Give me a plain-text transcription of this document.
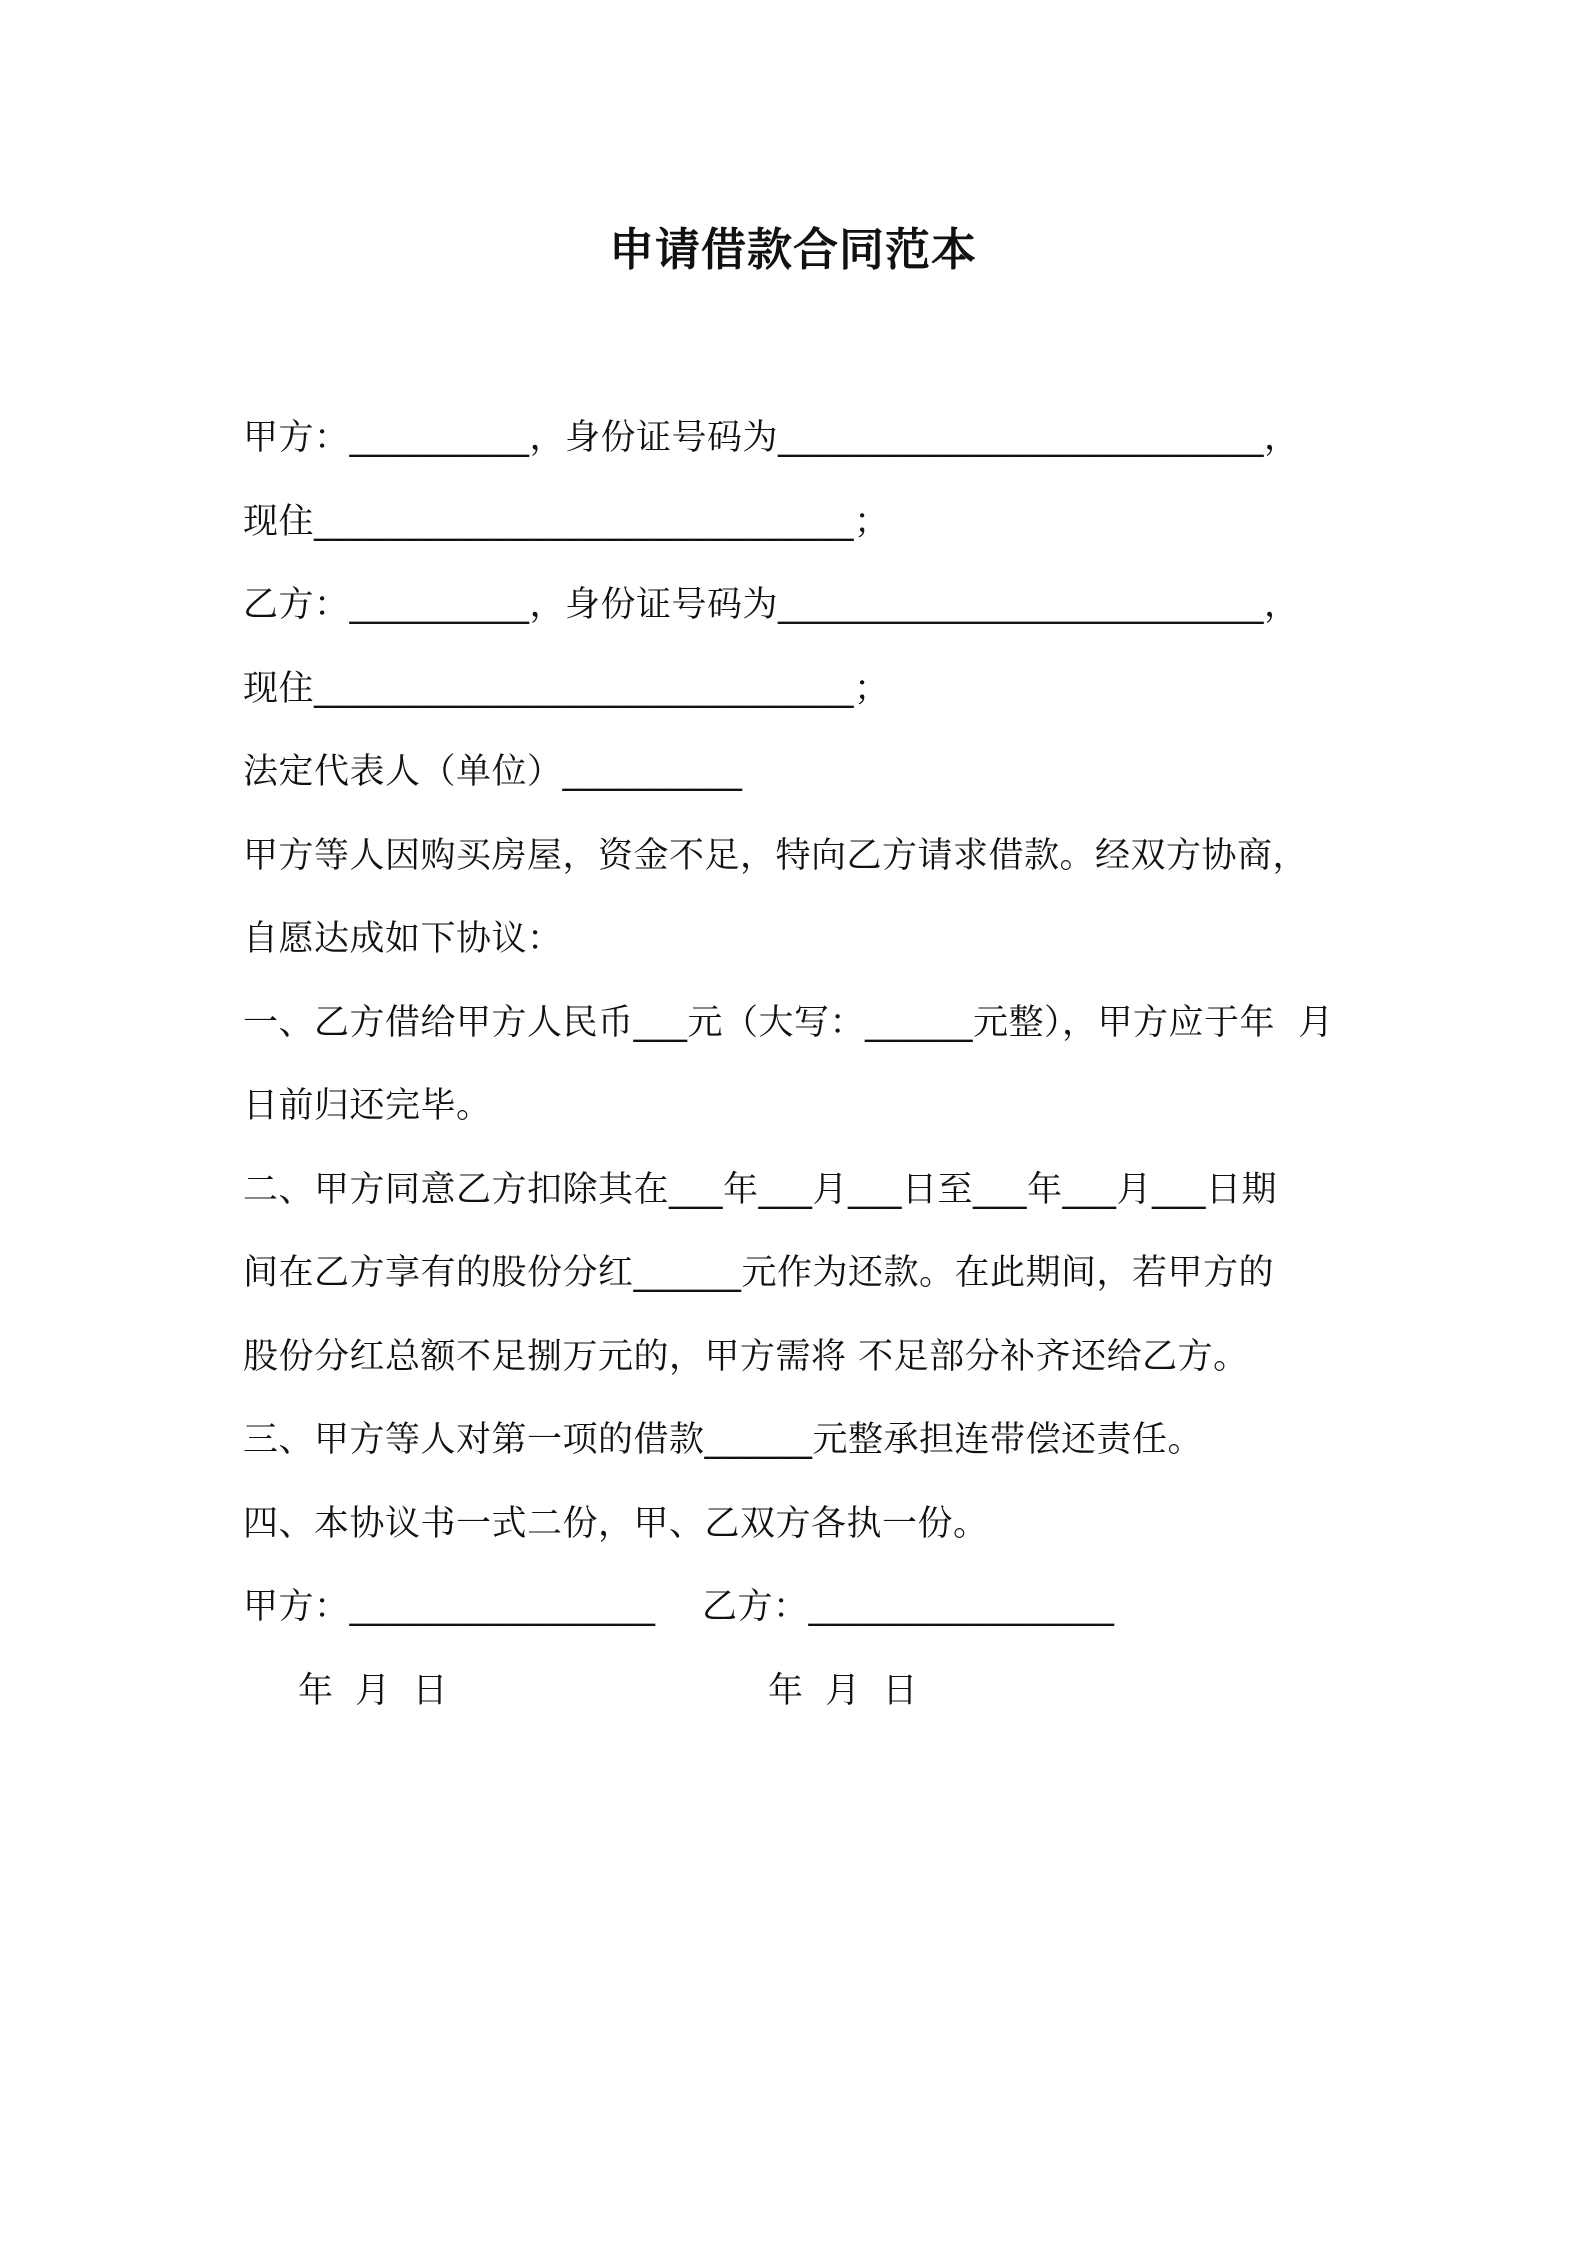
申请借款合同范本
甲方：__________，身份证号码为___________________________，
现住______________________________；
乙方：__________，身份证号码为___________________________，
现住______________________________；
法定代表人（单位）__________
甲方等人因购买房屋，资金不足，特向乙方请求借款。经双方协商，
自愿达成如下协议：
一、乙方借给甲方人民币___元（大写：______元整），甲方应于年  月
日前归还完毕。
二、甲方同意乙方扣除其在___年___月___日至___年___月___日期
间在乙方享有的股份分红______元作为还款。在此期间，若甲方的
股份分红总额不足捌万元的，甲方需将 不足部分补齐还给乙方。
三、甲方等人对第一项的借款______元整承担连带偿还责任。
四、本协议书一式二份，甲、乙双方各执一份。
甲方：_________________    乙方：_________________
年  月  日	年  月  日
